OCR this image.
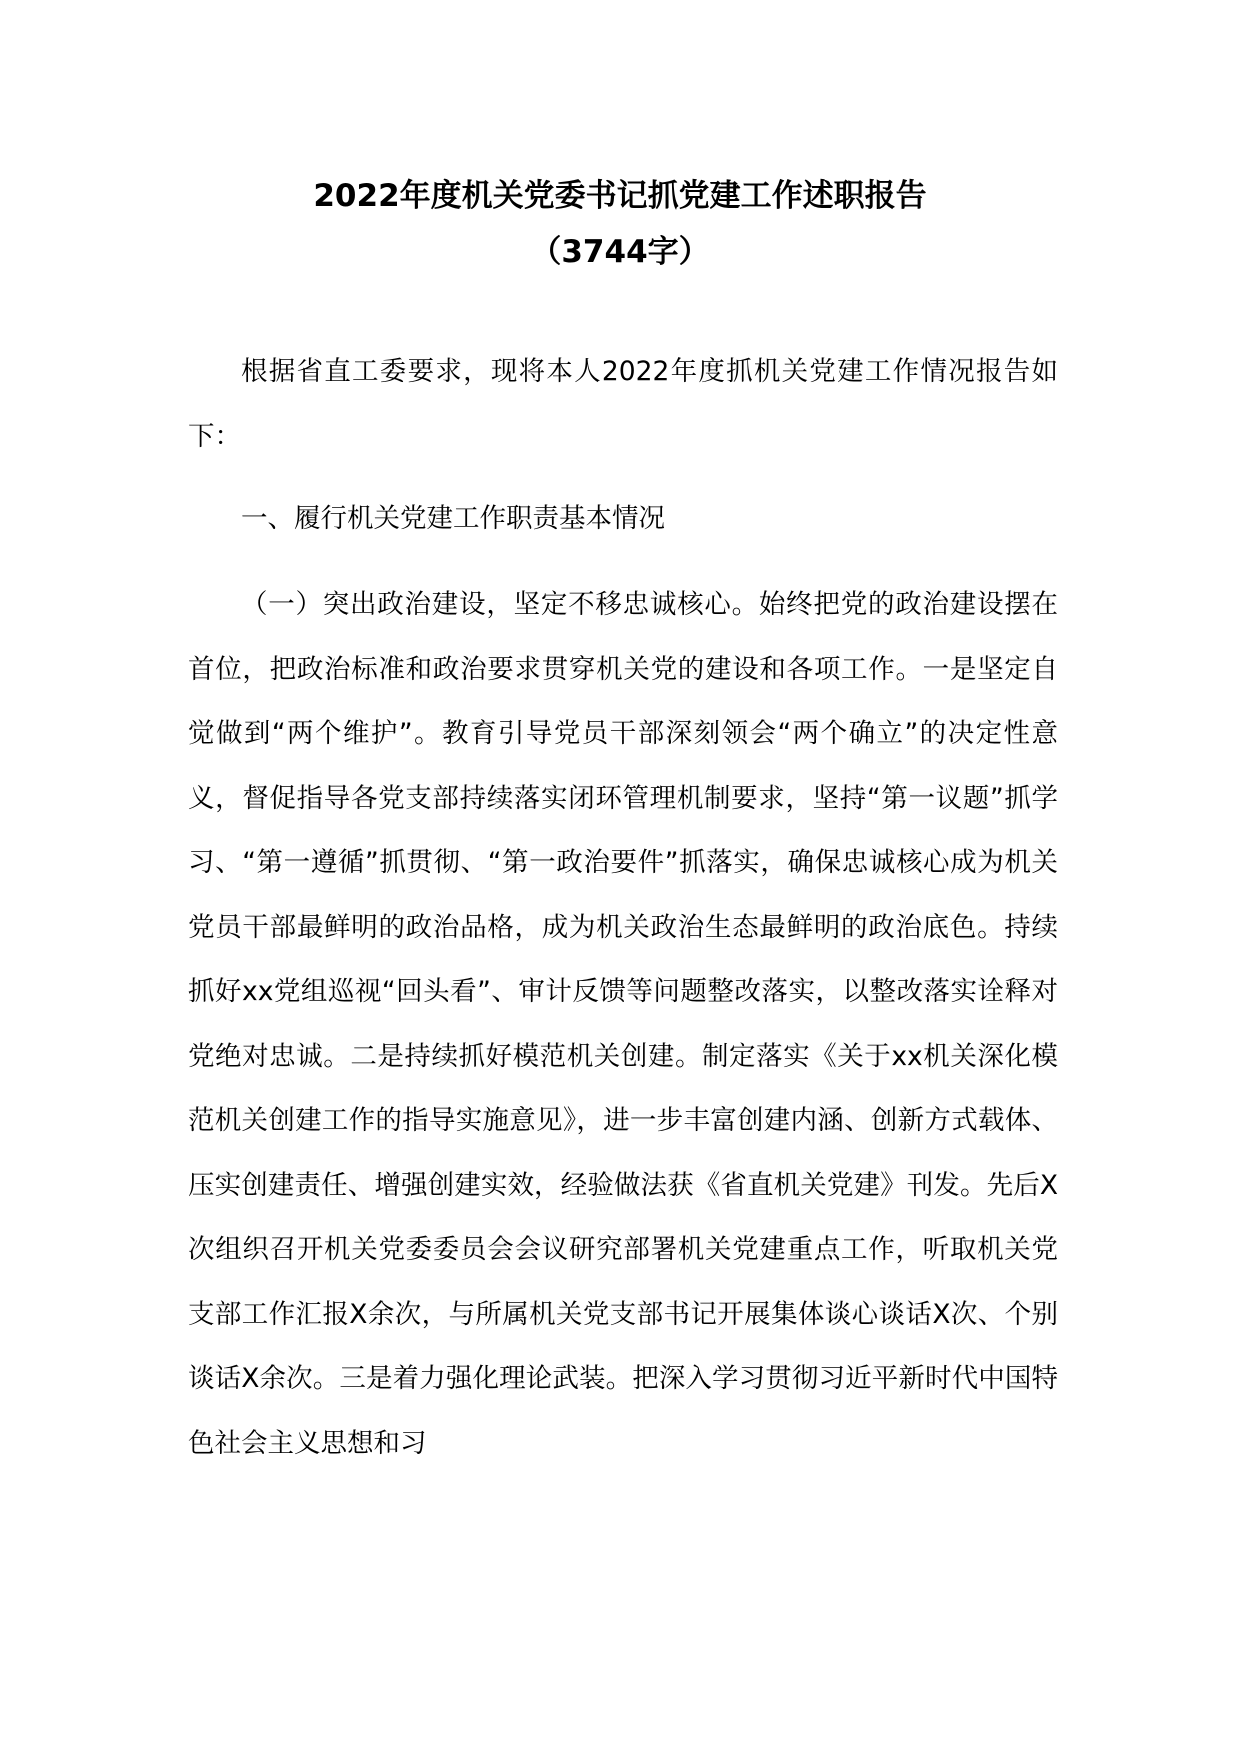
2022年度机关党委书记抓党建工作述职报告
（3744字）

根据省直工委要求，现将本人2022年度抓机关党建工作情况报告如下：

一、履行机关党建工作职责基本情况

（一）突出政治建设，坚定不移忠诚核心。始终把党的政治建设摆在首位，把政治标准和政治要求贯穿机关党的建设和各项工作。一是坚定自觉做到“两个维护”。教育引导党员干部深刻领会“两个确立”的决定性意义，督促指导各党支部持续落实闭环管理机制要求，坚持“第一议题”抓学习、“第一遵循”抓贯彻、“第一政治要件”抓落实，确保忠诚核心成为机关党员干部最鲜明的政治品格，成为机关政治生态最鲜明的政治底色。持续抓好xx党组巡视“回头看”、审计反馈等问题整改落实，以整改落实诠释对党绝对忠诚。二是持续抓好模范机关创建。制定落实《关于xx机关深化模范机关创建工作的指导实施意见》，进一步丰富创建内涵、创新方式载体、压实创建责任、增强创建实效，经验做法获《省直机关党建》刊发。先后X次组织召开机关党委委员会会议研究部署机关党建重点工作，听取机关党支部工作汇报X余次，与所属机关党支部书记开展集体谈心谈话X次、个别谈话X余次。三是着力强化理论武装。把深入学习贯彻习近平新时代中国特色社会主义思想和习
